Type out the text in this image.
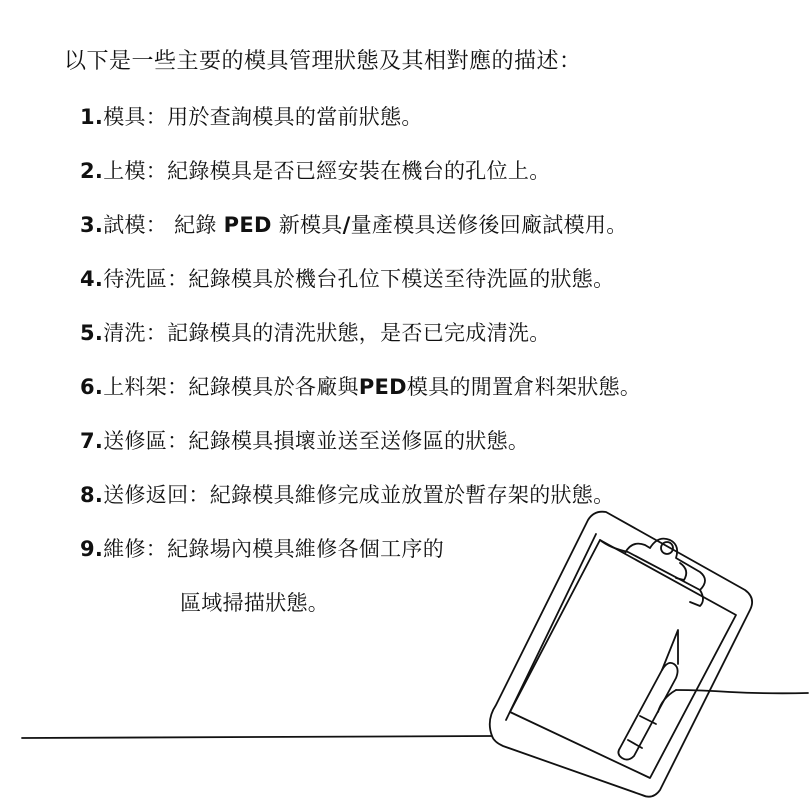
以下是一些主要的模具管理狀態及其相對應的描述：
1.模具：用於查詢模具的當前狀態。
2.上模：紀錄模具是否已經安裝在機台的孔位上。
3.試模： 紀錄 PED 新模具/量產模具送修後回廠試模用。
4.待洗區：紀錄模具於機台孔位下模送至待洗區的狀態。
5.清洗：記錄模具的清洗狀態，是否已完成清洗。
6.上料架：紀錄模具於各廠與PED模具的閒置倉料架狀態。
7.送修區：紀錄模具損壞並送至送修區的狀態。
8.送修返回：紀錄模具維修完成並放置於暫存架的狀態。
9.維修：紀錄場內模具維修各個工序的
區域掃描狀態。
